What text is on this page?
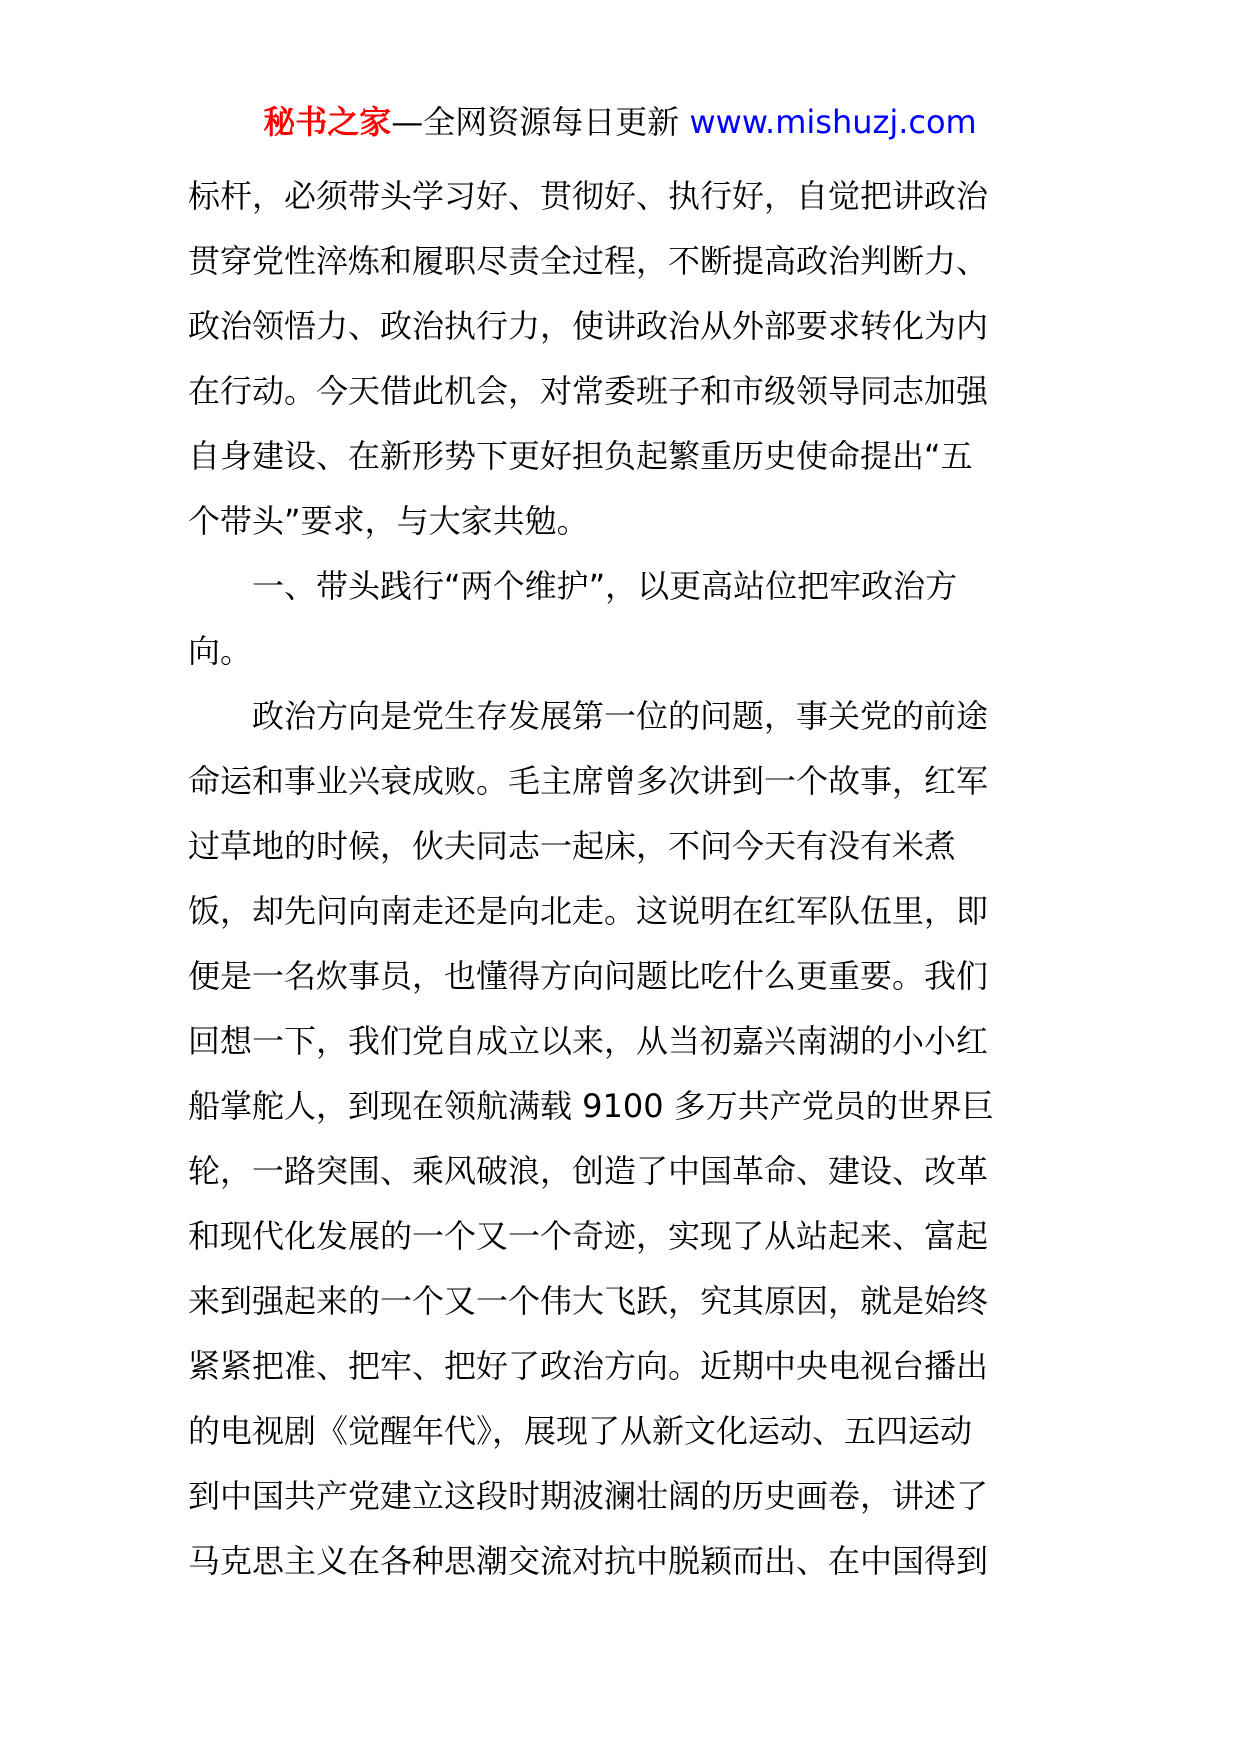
秘书之家—全网资源每日更新 www.mishuzj.com
标杆，必须带头学习好、贯彻好、执行好，自觉把讲政治
贯穿党性淬炼和履职尽责全过程，不断提高政治判断力、
政治领悟力、政治执行力，使讲政治从外部要求转化为内
在行动。今天借此机会，对常委班子和市级领导同志加强
自身建设、在新形势下更好担负起繁重历史使命提出“五
个带头”要求，与大家共勉。
一、带头践行“两个维护”，以更高站位把牢政治方
向。
政治方向是党生存发展第一位的问题，事关党的前途
命运和事业兴衰成败。毛主席曾多次讲到一个故事，红军
过草地的时候，伙夫同志一起床，不问今天有没有米煮
饭，却先问向南走还是向北走。这说明在红军队伍里，即
便是一名炊事员，也懂得方向问题比吃什么更重要。我们
回想一下，我们党自成立以来，从当初嘉兴南湖的小小红
船掌舵人，到现在领航满载 9100 多万共产党员的世界巨
轮，一路突围、乘风破浪，创造了中国革命、建设、改革
和现代化发展的一个又一个奇迹，实现了从站起来、富起
来到强起来的一个又一个伟大飞跃，究其原因，就是始终
紧紧把准、把牢、把好了政治方向。近期中央电视台播出
的电视剧《觉醒年代》，展现了从新文化运动、五四运动
到中国共产党建立这段时期波澜壮阔的历史画卷，讲述了
马克思主义在各种思潮交流对抗中脱颖而出、在中国得到
